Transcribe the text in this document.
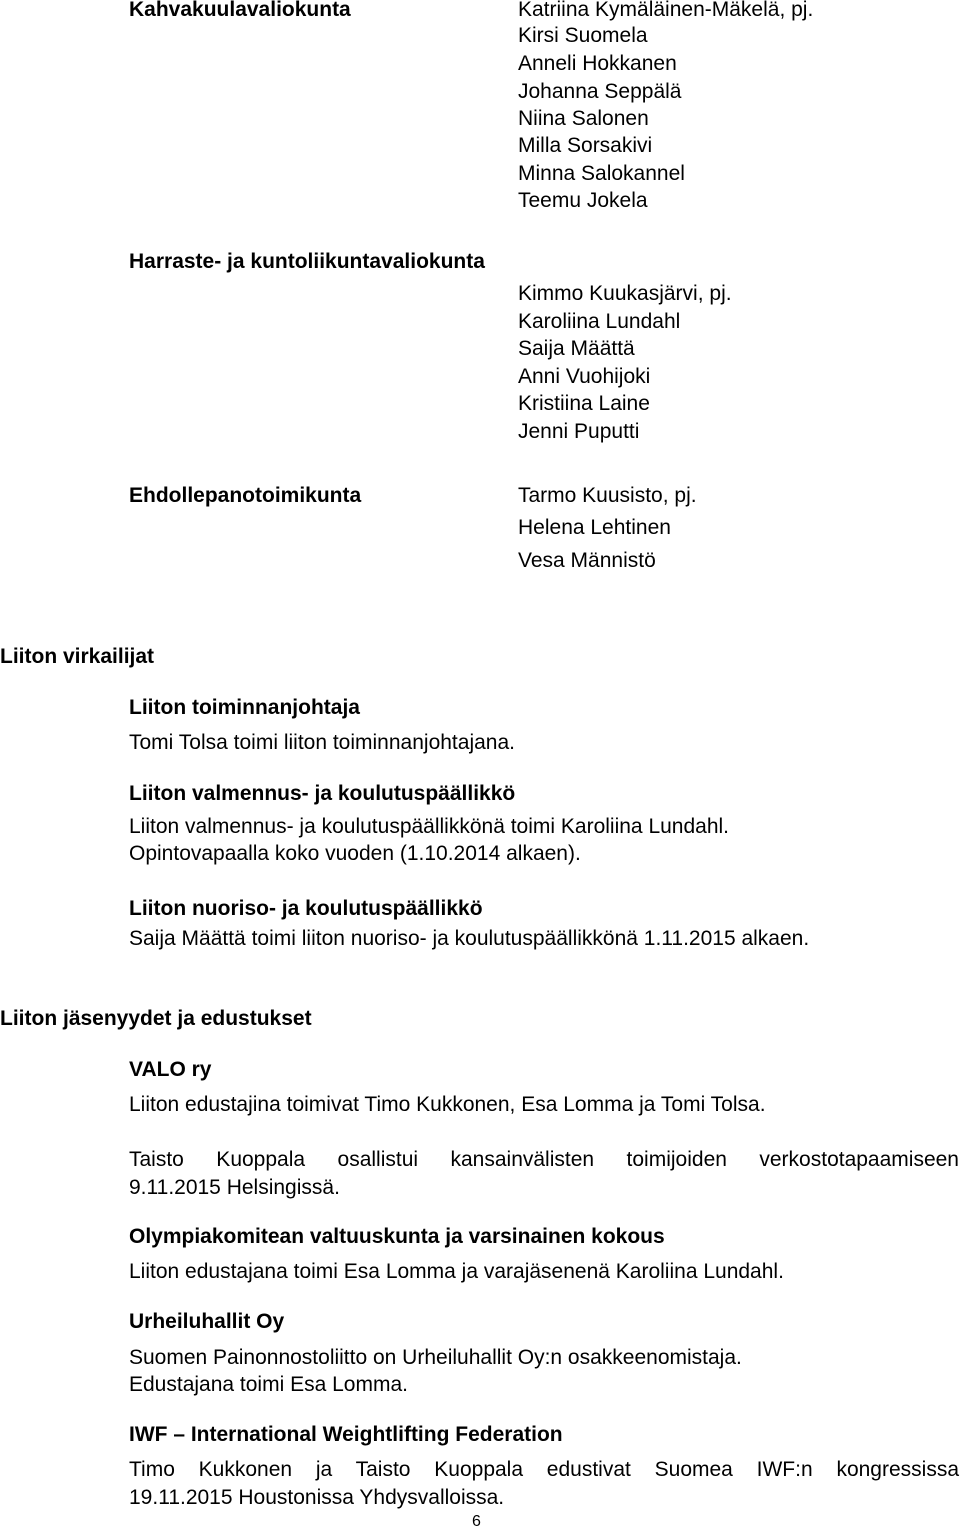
Kahvakuulavaliokunta	Katriina Kymäläinen-Mäkelä, pj.
Kirsi Suomela
Anneli Hokkanen
Johanna Seppälä
Niina Salonen
Milla Sorsakivi
Minna Salokannel
Teemu Jokela
Harraste- ja kuntoliikuntavaliokunta
Kimmo Kuukasjärvi, pj.
Karoliina Lundahl
Saija Määttä
Anni Vuohijoki
Kristiina Laine
Jenni Puputti
Ehdollepanotoimikunta	Tarmo Kuusisto, pj.
Helena Lehtinen
Vesa Männistö
Liiton virkailijat
Liiton toiminnanjohtaja
Tomi Tolsa toimi liiton toiminnanjohtajana.
Liiton valmennus- ja koulutuspäällikkö
Liiton valmennus- ja koulutuspäällikkönä toimi Karoliina Lundahl.
Opintovapaalla koko vuoden (1.10.2014 alkaen).
Liiton nuoriso- ja koulutuspäällikkö
Saija Määttä toimi liiton nuoriso- ja koulutuspäällikkönä 1.11.2015 alkaen.
Liiton jäsenyydet ja edustukset
VALO ry
Liiton edustajina toimivat Timo Kukkonen, Esa Lomma ja Tomi Tolsa.
Taisto Kuoppala osallistui kansainvälisten toimijoiden verkostotapaamiseen
9.11.2015 Helsingissä.
Olympiakomitean valtuuskunta ja varsinainen kokous
Liiton edustajana toimi Esa Lomma ja varajäsenenä Karoliina Lundahl.
Urheiluhallit Oy
Suomen Painonnostoliitto on Urheiluhallit Oy:n osakkeenomistaja.
Edustajana toimi Esa Lomma.
IWF – International Weightlifting Federation
Timo Kukkonen ja Taisto Kuoppala edustivat Suomea IWF:n kongressissa
19.11.2015 Houstonissa Yhdysvalloissa.
6
